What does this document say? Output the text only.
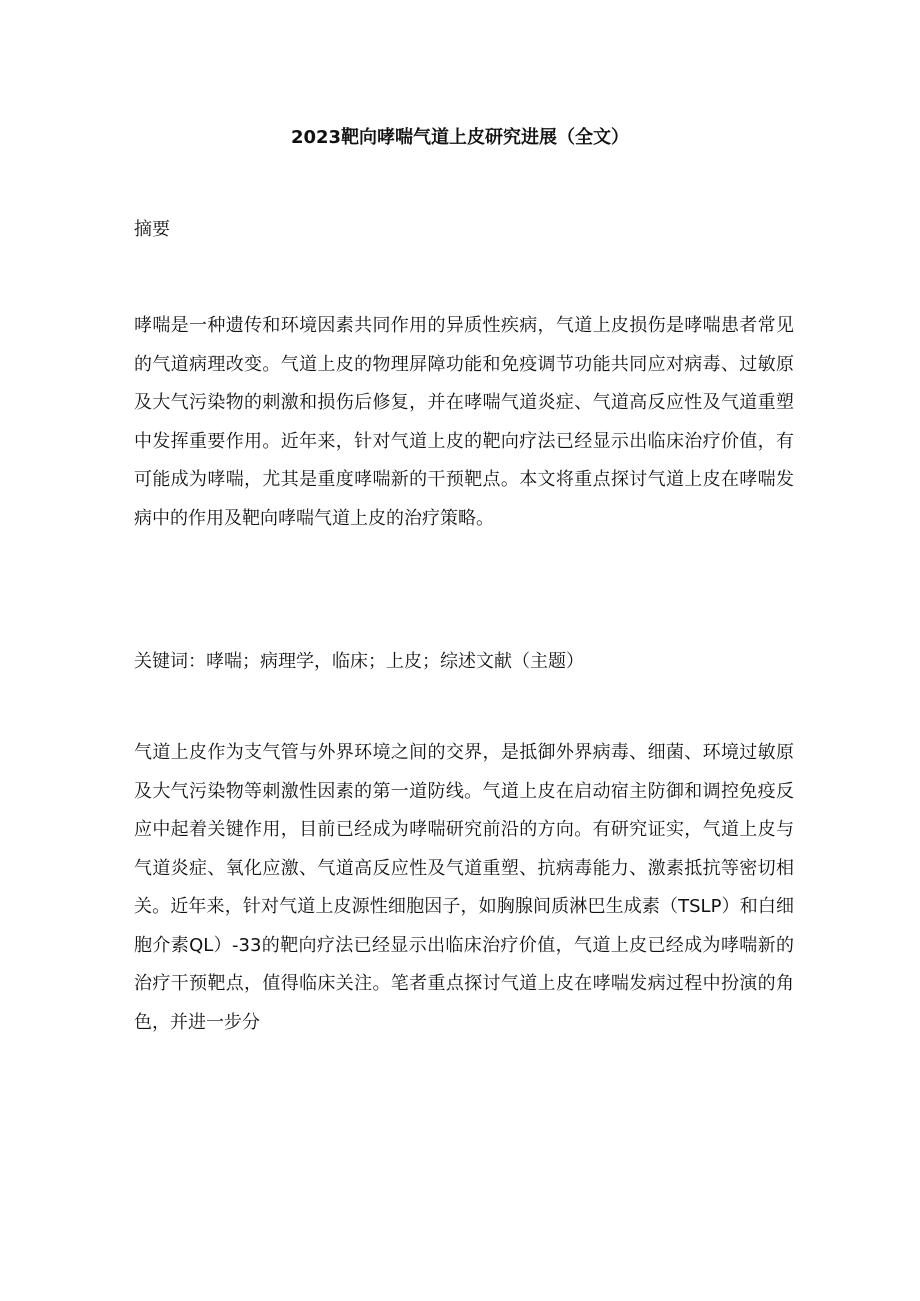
2023靶向哮喘气道上皮研究进展（全文）
摘要

哮喘是一种遗传和环境因素共同作用的异质性疾病，气道上皮损伤是哮喘患者常见的气道病理改变。气道上皮的物理屏障功能和免疫调节功能共同应对病毒、过敏原及大气污染物的刺激和损伤后修复，并在哮喘气道炎症、气道高反应性及气道重塑中发挥重要作用。近年来，针对气道上皮的靶向疗法已经显示出临床治疗价值，有可能成为哮喘，尤其是重度哮喘新的干预靶点。本文将重点探讨气道上皮在哮喘发病中的作用及靶向哮喘气道上皮的治疗策略。

关键词：哮喘；病理学，临床；上皮；综述文献（主题）

气道上皮作为支气管与外界环境之间的交界，是抵御外界病毒、细菌、环境过敏原及大气污染物等刺激性因素的第一道防线。气道上皮在启动宿主防御和调控免疫反应中起着关键作用，目前已经成为哮喘研究前沿的方向。有研究证实，气道上皮与气道炎症、氧化应激、气道高反应性及气道重塑、抗病毒能力、激素抵抗等密切相关。近年来，针对气道上皮源性细胞因子，如胸腺间质淋巴生成素（TSLP）和白细胞介素QL）-33的靶向疗法已经显示出临床治疗价值，气道上皮已经成为哮喘新的治疗干预靶点，值得临床关注。笔者重点探讨气道上皮在哮喘发病过程中扮演的角色，并进一步分
